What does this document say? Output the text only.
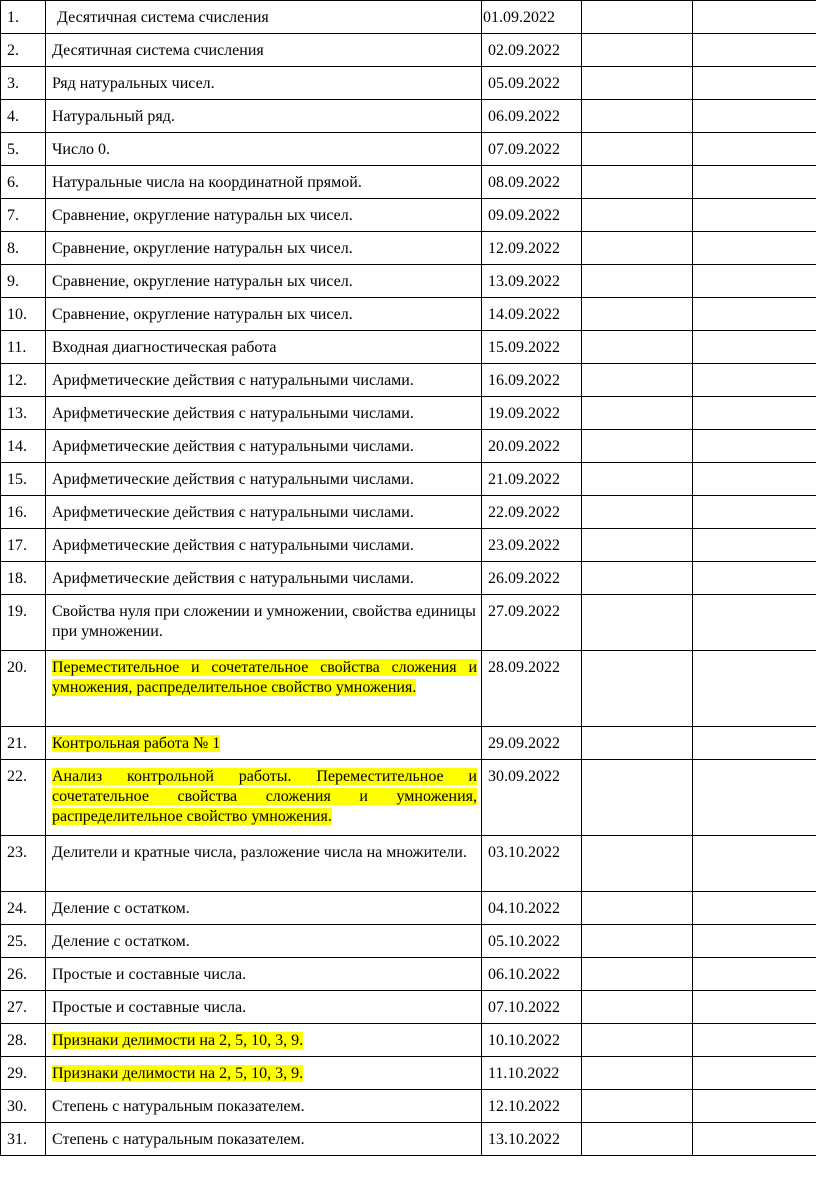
1.	Десятичная система счисления	01.09.2022		
2.	Десятичная система счисления	02.09.2022		
3.	Ряд натуральных чисел.	05.09.2022		
4.	Натуральный ряд.	06.09.2022		
5.	Число 0.	07.09.2022		
6.	Натуральные числа на координатной прямой.	08.09.2022		
7.	Сравнение, округление натуральн ых чисел.	09.09.2022		
8.	Сравнение, округление натуральн ых чисел.	12.09.2022		
9.	Сравнение, округление натуральн ых чисел.	13.09.2022		
10.	Сравнение, округление натуральн ых чисел.	14.09.2022		
11.	Входная диагностическая работа	15.09.2022		
12.	Арифметические действия с натуральными числами.	16.09.2022		
13.	Арифметические действия с натуральными числами.	19.09.2022		
14.	Арифметические действия с натуральными числами.	20.09.2022		
15.	Арифметические действия с натуральными числами.	21.09.2022		
16.	Арифметические действия с натуральными числами.	22.09.2022		
17.	Арифметические действия с натуральными числами.	23.09.2022		
18.	Арифметические действия с натуральными числами.	26.09.2022		
19.	Свойства нуля при сложении и умножении, свойства единицы при умножении.	27.09.2022		
20.	Переместительное и сочетательное свойства сложения и умножения, распределительное свойство умножения.	28.09.2022		
21.	Контрольная работа № 1	29.09.2022		
22.	Анализ контрольной работы. Переместительное и сочетательное свойства сложения и умножения, распределительное свойство умножения.	30.09.2022		
23.	Делители и кратные числа, разложение числа на множители.	03.10.2022		
24.	Деление с остатком.	04.10.2022		
25.	Деление с остатком.	05.10.2022		
26.	Простые и составные числа.	06.10.2022		
27.	Простые и составные числа.	07.10.2022		
28.	Признаки делимости на 2, 5, 10, 3, 9.	10.10.2022		
29.	Признаки делимости на 2, 5, 10, 3, 9.	11.10.2022		
30.	Степень с натуральным показателем.	12.10.2022		
31.	Степень с натуральным показателем.	13.10.2022		
